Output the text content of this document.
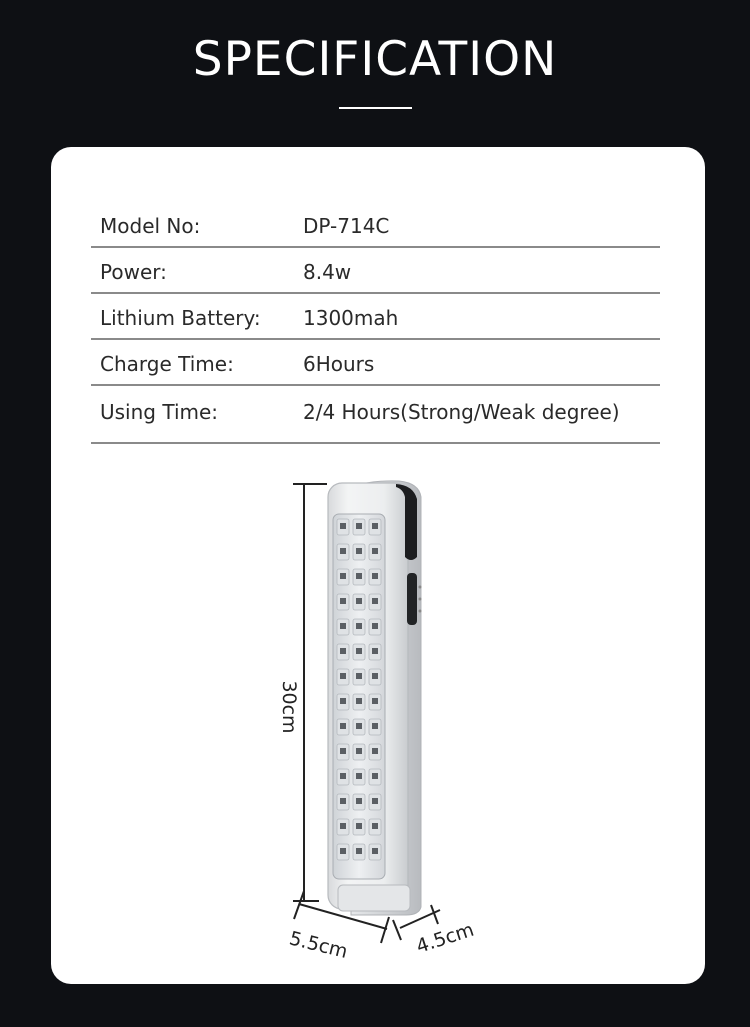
SPECIFICATION
Model No:	DP-714C
Power:	8.4w
Lithium Battery: 1300mah
Charge Time:	6Hours
Using Time:	2/4 Hours(Strong/Weak degree)
30cm
5.5cm	4.5cm
